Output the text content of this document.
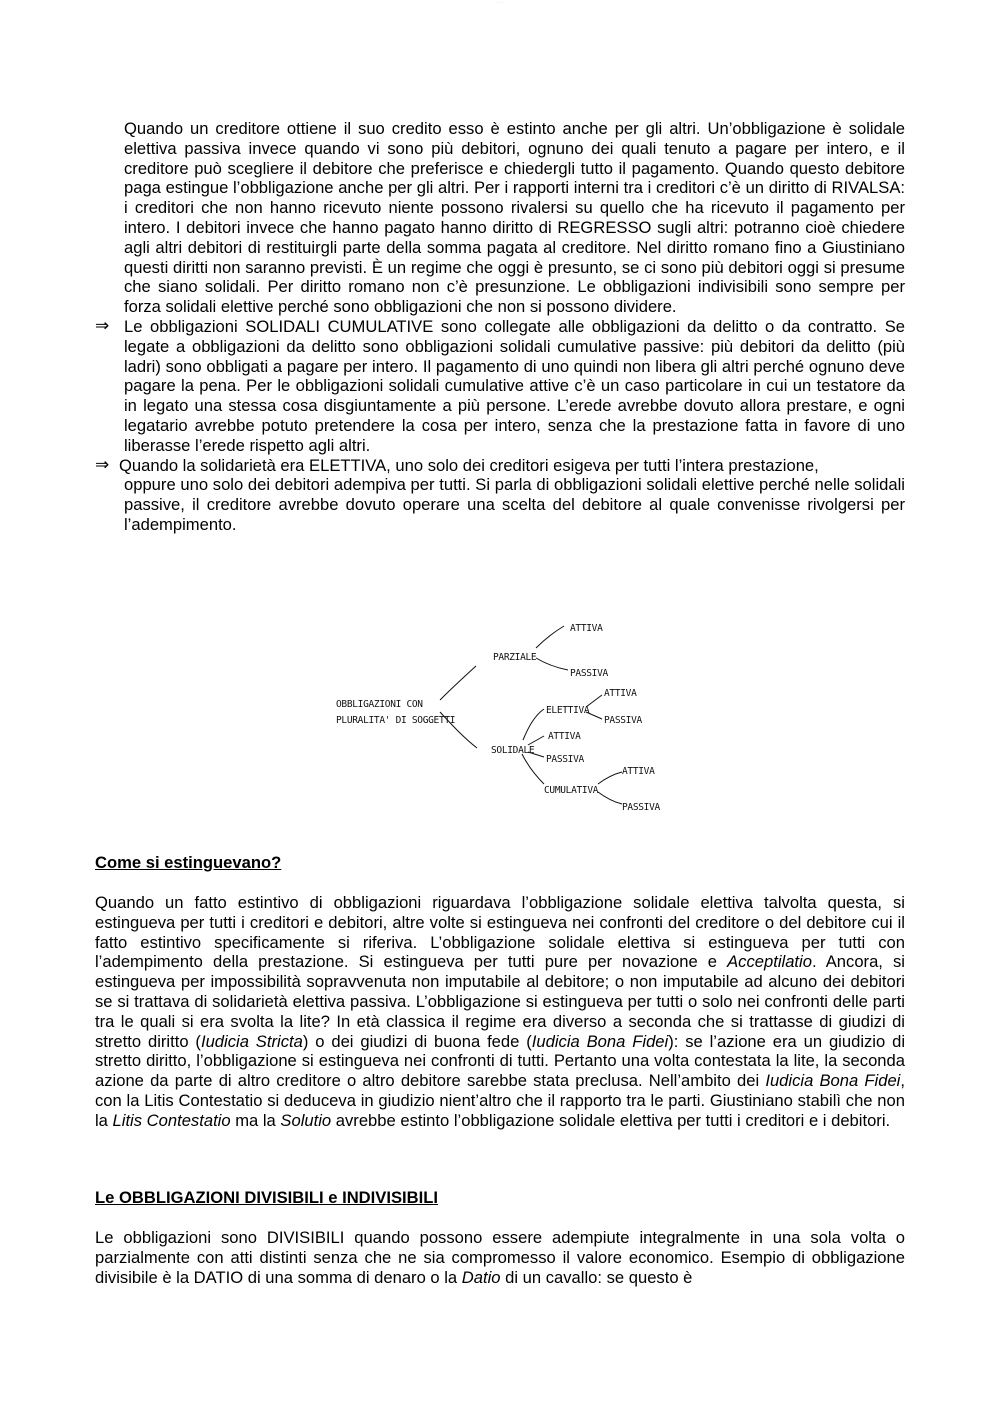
............

Quando un creditore ottiene il suo credito esso è estinto anche per gli altri. Un’obbligazione è solidale elettiva passiva invece quando vi sono più debitori, ognuno dei quali tenuto a pagare per intero, e il creditore può scegliere il debitore che preferisce e chiedergli tutto il pagamento. Quando questo debitore paga estingue l’obbligazione anche per gli altri. Per i rapporti interni tra i creditori c’è un diritto di RIVALSA: i creditori che non hanno ricevuto niente possono rivalersi su quello che ha ricevuto il pagamento per intero. I debitori invece che hanno pagato hanno diritto di REGRESSO sugli altri: potranno cioè chiedere agli altri debitori di restituirgli parte della somma pagata al creditore. Nel diritto romano fino a Giustiniano questi diritti non saranno previsti. È un regime che oggi è presunto, se ci sono più debitori oggi si presume che siano solidali. Per diritto romano non c’è presunzione. Le obbligazioni indivisibili sono sempre per forza solidali elettive perché sono obbligazioni che non si possono dividere.

⇒ Le obbligazioni SOLIDALI CUMULATIVE sono collegate alle obbligazioni da delitto o da contratto. Se legate a obbligazioni da delitto sono obbligazioni solidali cumulative passive: più debitori da delitto (più ladri) sono obbligati a pagare per intero. Il pagamento di uno quindi non libera gli altri perché ognuno deve pagare la pena. Per le obbligazioni solidali cumulative attive c’è un caso particolare in cui un testatore da in legato una stessa cosa disgiuntamente a più persone. L’erede avrebbe dovuto allora prestare, e ogni legatario avrebbe potuto pretendere la cosa per intero, senza che la prestazione fatta in favore di uno liberasse l’erede rispetto agli altri.

⇒ Quando la solidarietà era ELETTIVA, uno solo dei creditori esigeva per tutti l’intera prestazione,

oppure uno solo dei debitori adempiva per tutti. Si parla di obbligazioni solidali elettive perché nelle solidali passive, il creditore avrebbe dovuto operare una scelta del debitore al quale convenisse rivolgersi per l’adempimento.

OBBLIGAZIONI CON
PLURALITA' DI SOGGETTI
PARZIALE
ATTIVA
PASSIVA
SOLIDALE
ELETTIVA
ATTIVA
PASSIVA
ATTIVA
PASSIVA
CUMULATIVA
ATTIVA
PASSIVA

Come si estinguevano?

Quando un fatto estintivo di obbligazioni riguardava l’obbligazione solidale elettiva talvolta questa, si estingueva per tutti i creditori e debitori, altre volte si estingueva nei confronti del creditore o del debitore cui il fatto estintivo specificamente si riferiva. L’obbligazione solidale elettiva si estingueva per tutti con l’adempimento della prestazione. Si estingueva per tutti pure per novazione e Acceptilatio. Ancora, si estingueva per impossibilità sopravvenuta non imputabile al debitore; o non imputabile ad alcuno dei debitori se si trattava di solidarietà elettiva passiva. L’obbligazione si estingueva per tutti o solo nei confronti delle parti tra le quali si era svolta la lite? In età classica il regime era diverso a seconda che si trattasse di giudizi di stretto diritto (Iudicia Stricta) o dei giudizi di buona fede (Iudicia Bona Fidei): se l’azione era un giudizio di stretto diritto, l’obbligazione si estingueva nei confronti di tutti. Pertanto una volta contestata la lite, la seconda azione da parte di altro creditore o altro debitore sarebbe stata preclusa. Nell’ambito dei Iudicia Bona Fidei, con la Litis Contestatio si deduceva in giudizio nient’altro che il rapporto tra le parti. Giustiniano stabilì che non la Litis Contestatio ma la Solutio avrebbe estinto l’obbligazione solidale elettiva per tutti i creditori e i debitori.

Le OBBLIGAZIONI DIVISIBILI e INDIVISIBILI

Le obbligazioni sono DIVISIBILI quando possono essere adempiute integralmente in una sola volta o parzialmente con atti distinti senza che ne sia compromesso il valore economico. Esempio di obbligazione divisibile è la DATIO di una somma di denaro o la Datio di un cavallo: se questo è
